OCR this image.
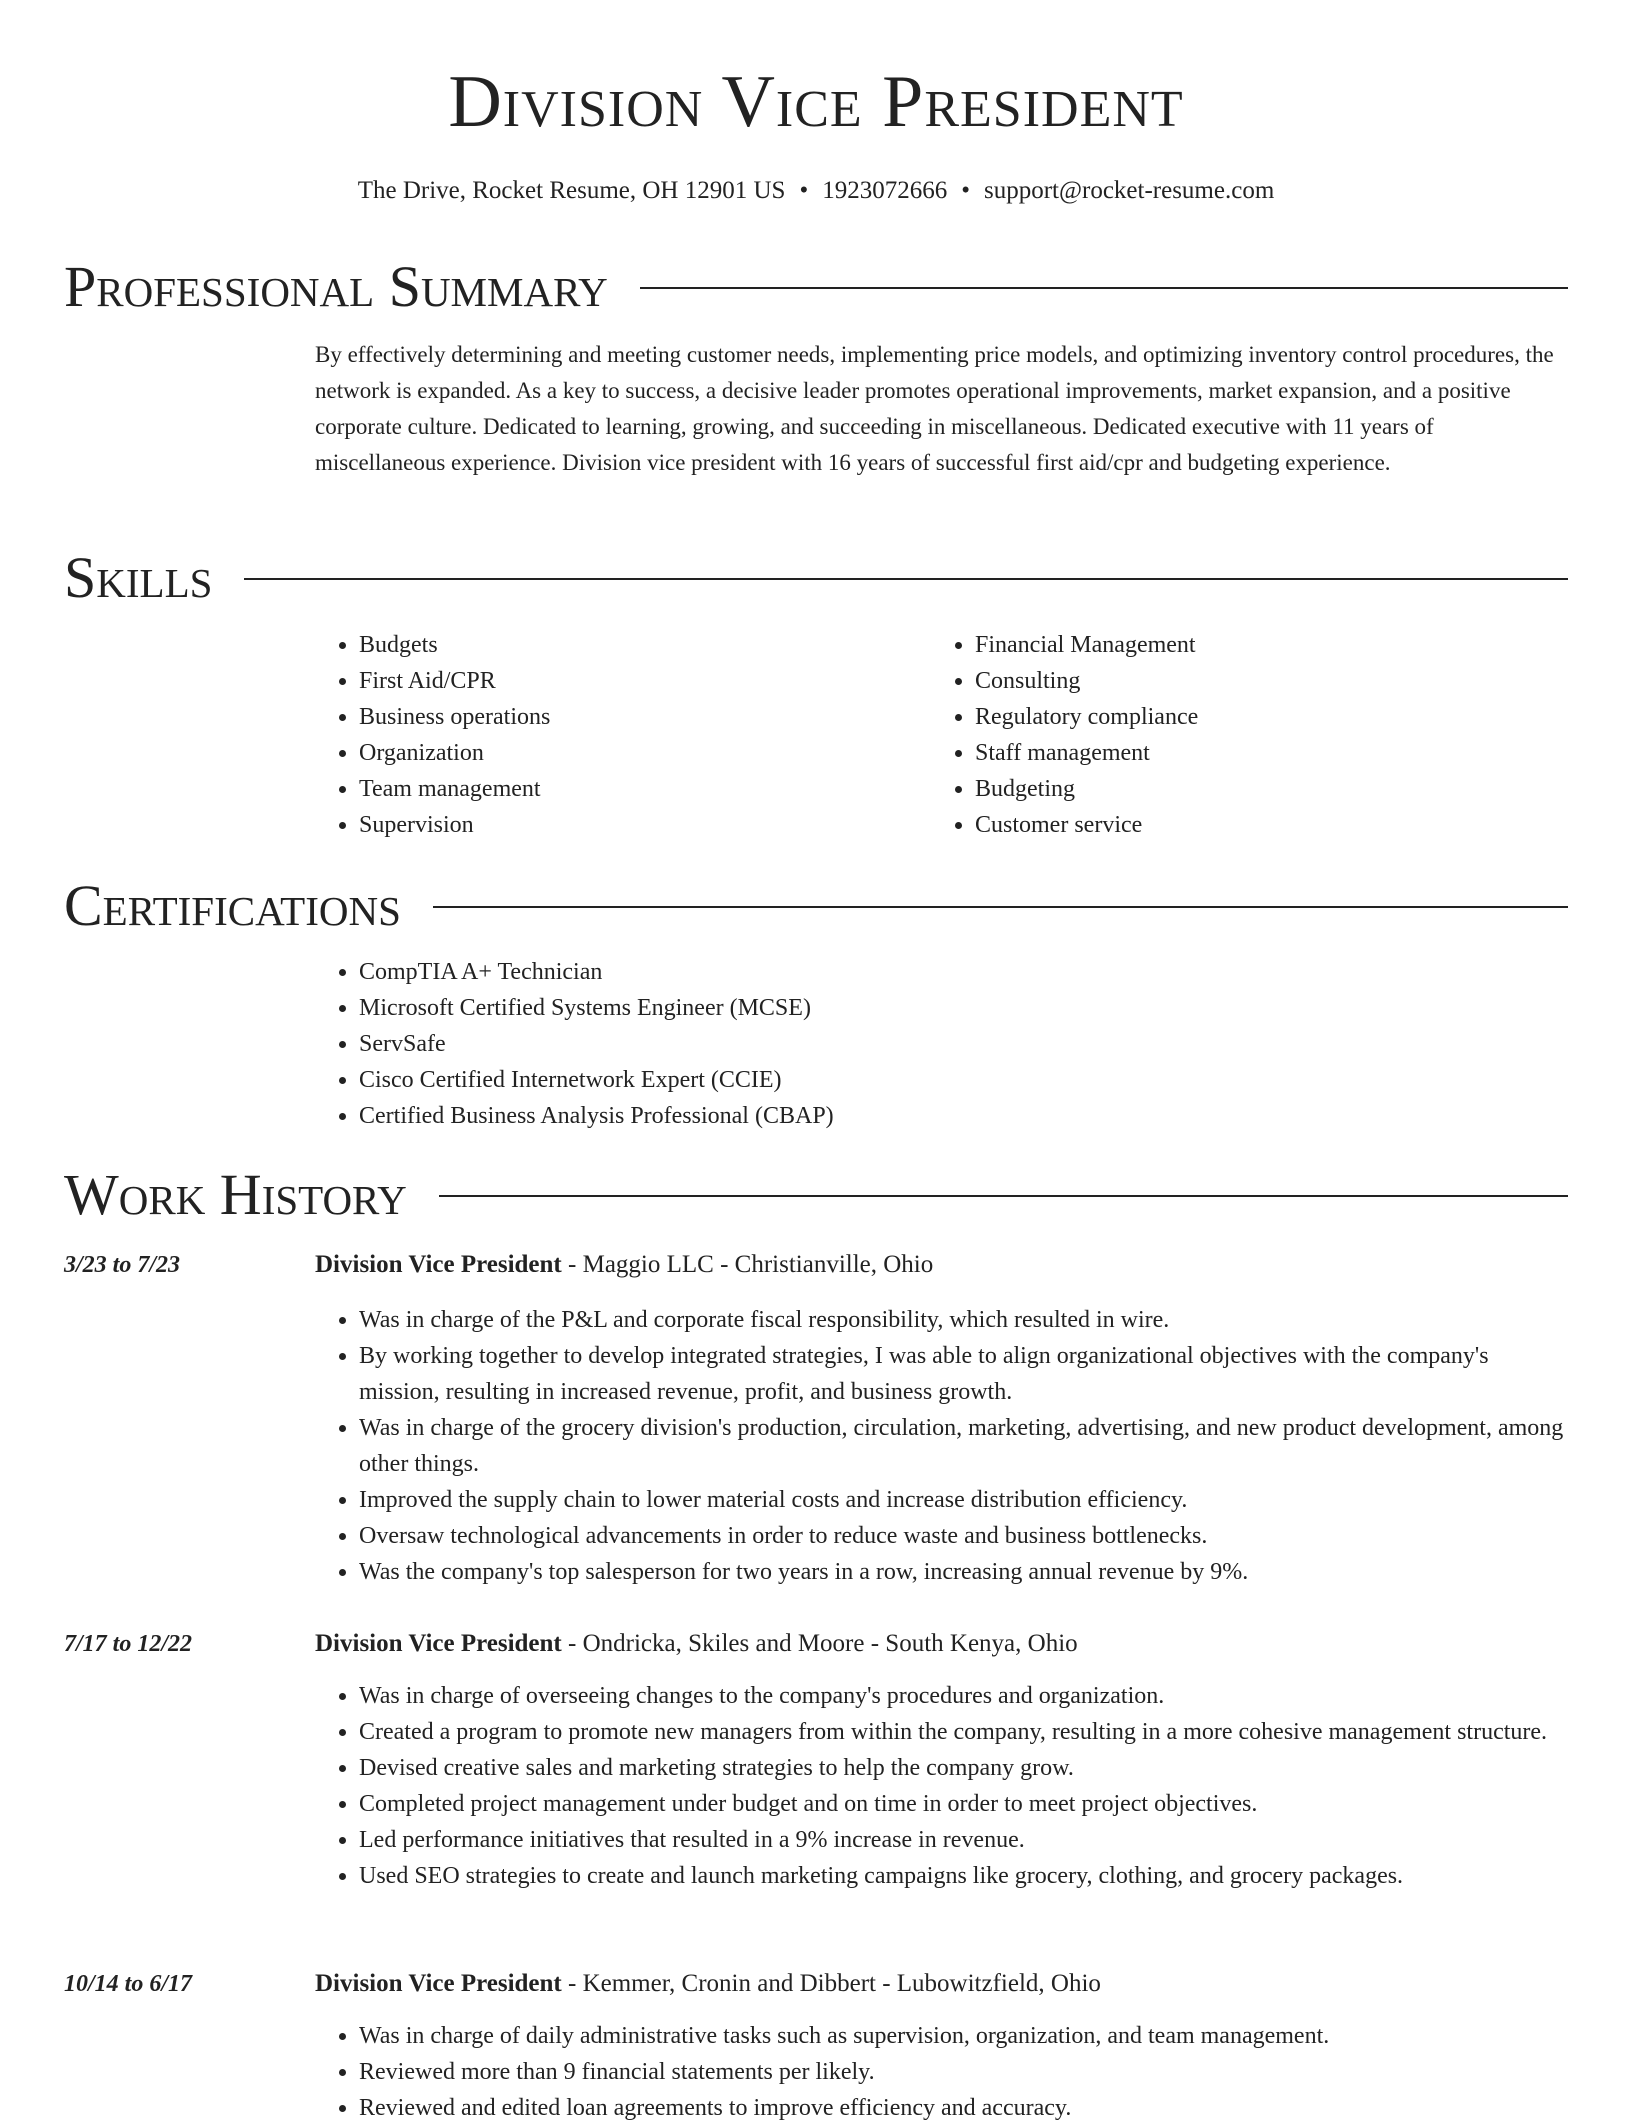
Division Vice President
The Drive, Rocket Resume, OH 12901 US • 1923072666 • support@rocket-resume.com
Professional Summary
By effectively determining and meeting customer needs, implementing price models, and optimizing inventory control procedures, the network is expanded. As a key to success, a decisive leader promotes operational improvements, market expansion, and a positive corporate culture. Dedicated to learning, growing, and succeeding in miscellaneous. Dedicated executive with 11 years of miscellaneous experience. Division vice president with 16 years of successful first aid/cpr and budgeting experience.
Skills
• Budgets
• First Aid/CPR
• Business operations
• Organization
• Team management
• Supervision
• Financial Management
• Consulting
• Regulatory compliance
• Staff management
• Budgeting
• Customer service
Certifications
• CompTIA A+ Technician
• Microsoft Certified Systems Engineer (MCSE)
• ServSafe
• Cisco Certified Internetwork Expert (CCIE)
• Certified Business Analysis Professional (CBAP)
Work History
3/23 to 7/23	Division Vice President - Maggio LLC - Christianville, Ohio
• Was in charge of the P&L and corporate fiscal responsibility, which resulted in wire.
• By working together to develop integrated strategies, I was able to align organizational objectives with the company's mission, resulting in increased revenue, profit, and business growth.
• Was in charge of the grocery division's production, circulation, marketing, advertising, and new product development, among other things.
• Improved the supply chain to lower material costs and increase distribution efficiency.
• Oversaw technological advancements in order to reduce waste and business bottlenecks.
• Was the company's top salesperson for two years in a row, increasing annual revenue by 9%.
7/17 to 12/22	Division Vice President - Ondricka, Skiles and Moore - South Kenya, Ohio
• Was in charge of overseeing changes to the company's procedures and organization.
• Created a program to promote new managers from within the company, resulting in a more cohesive management structure.
• Devised creative sales and marketing strategies to help the company grow.
• Completed project management under budget and on time in order to meet project objectives.
• Led performance initiatives that resulted in a 9% increase in revenue.
• Used SEO strategies to create and launch marketing campaigns like grocery, clothing, and grocery packages.
10/14 to 6/17	Division Vice President - Kemmer, Cronin and Dibbert - Lubowitzfield, Ohio
• Was in charge of daily administrative tasks such as supervision, organization, and team management.
• Reviewed more than 9 financial statements per likely.
• Reviewed and edited loan agreements to improve efficiency and accuracy.
